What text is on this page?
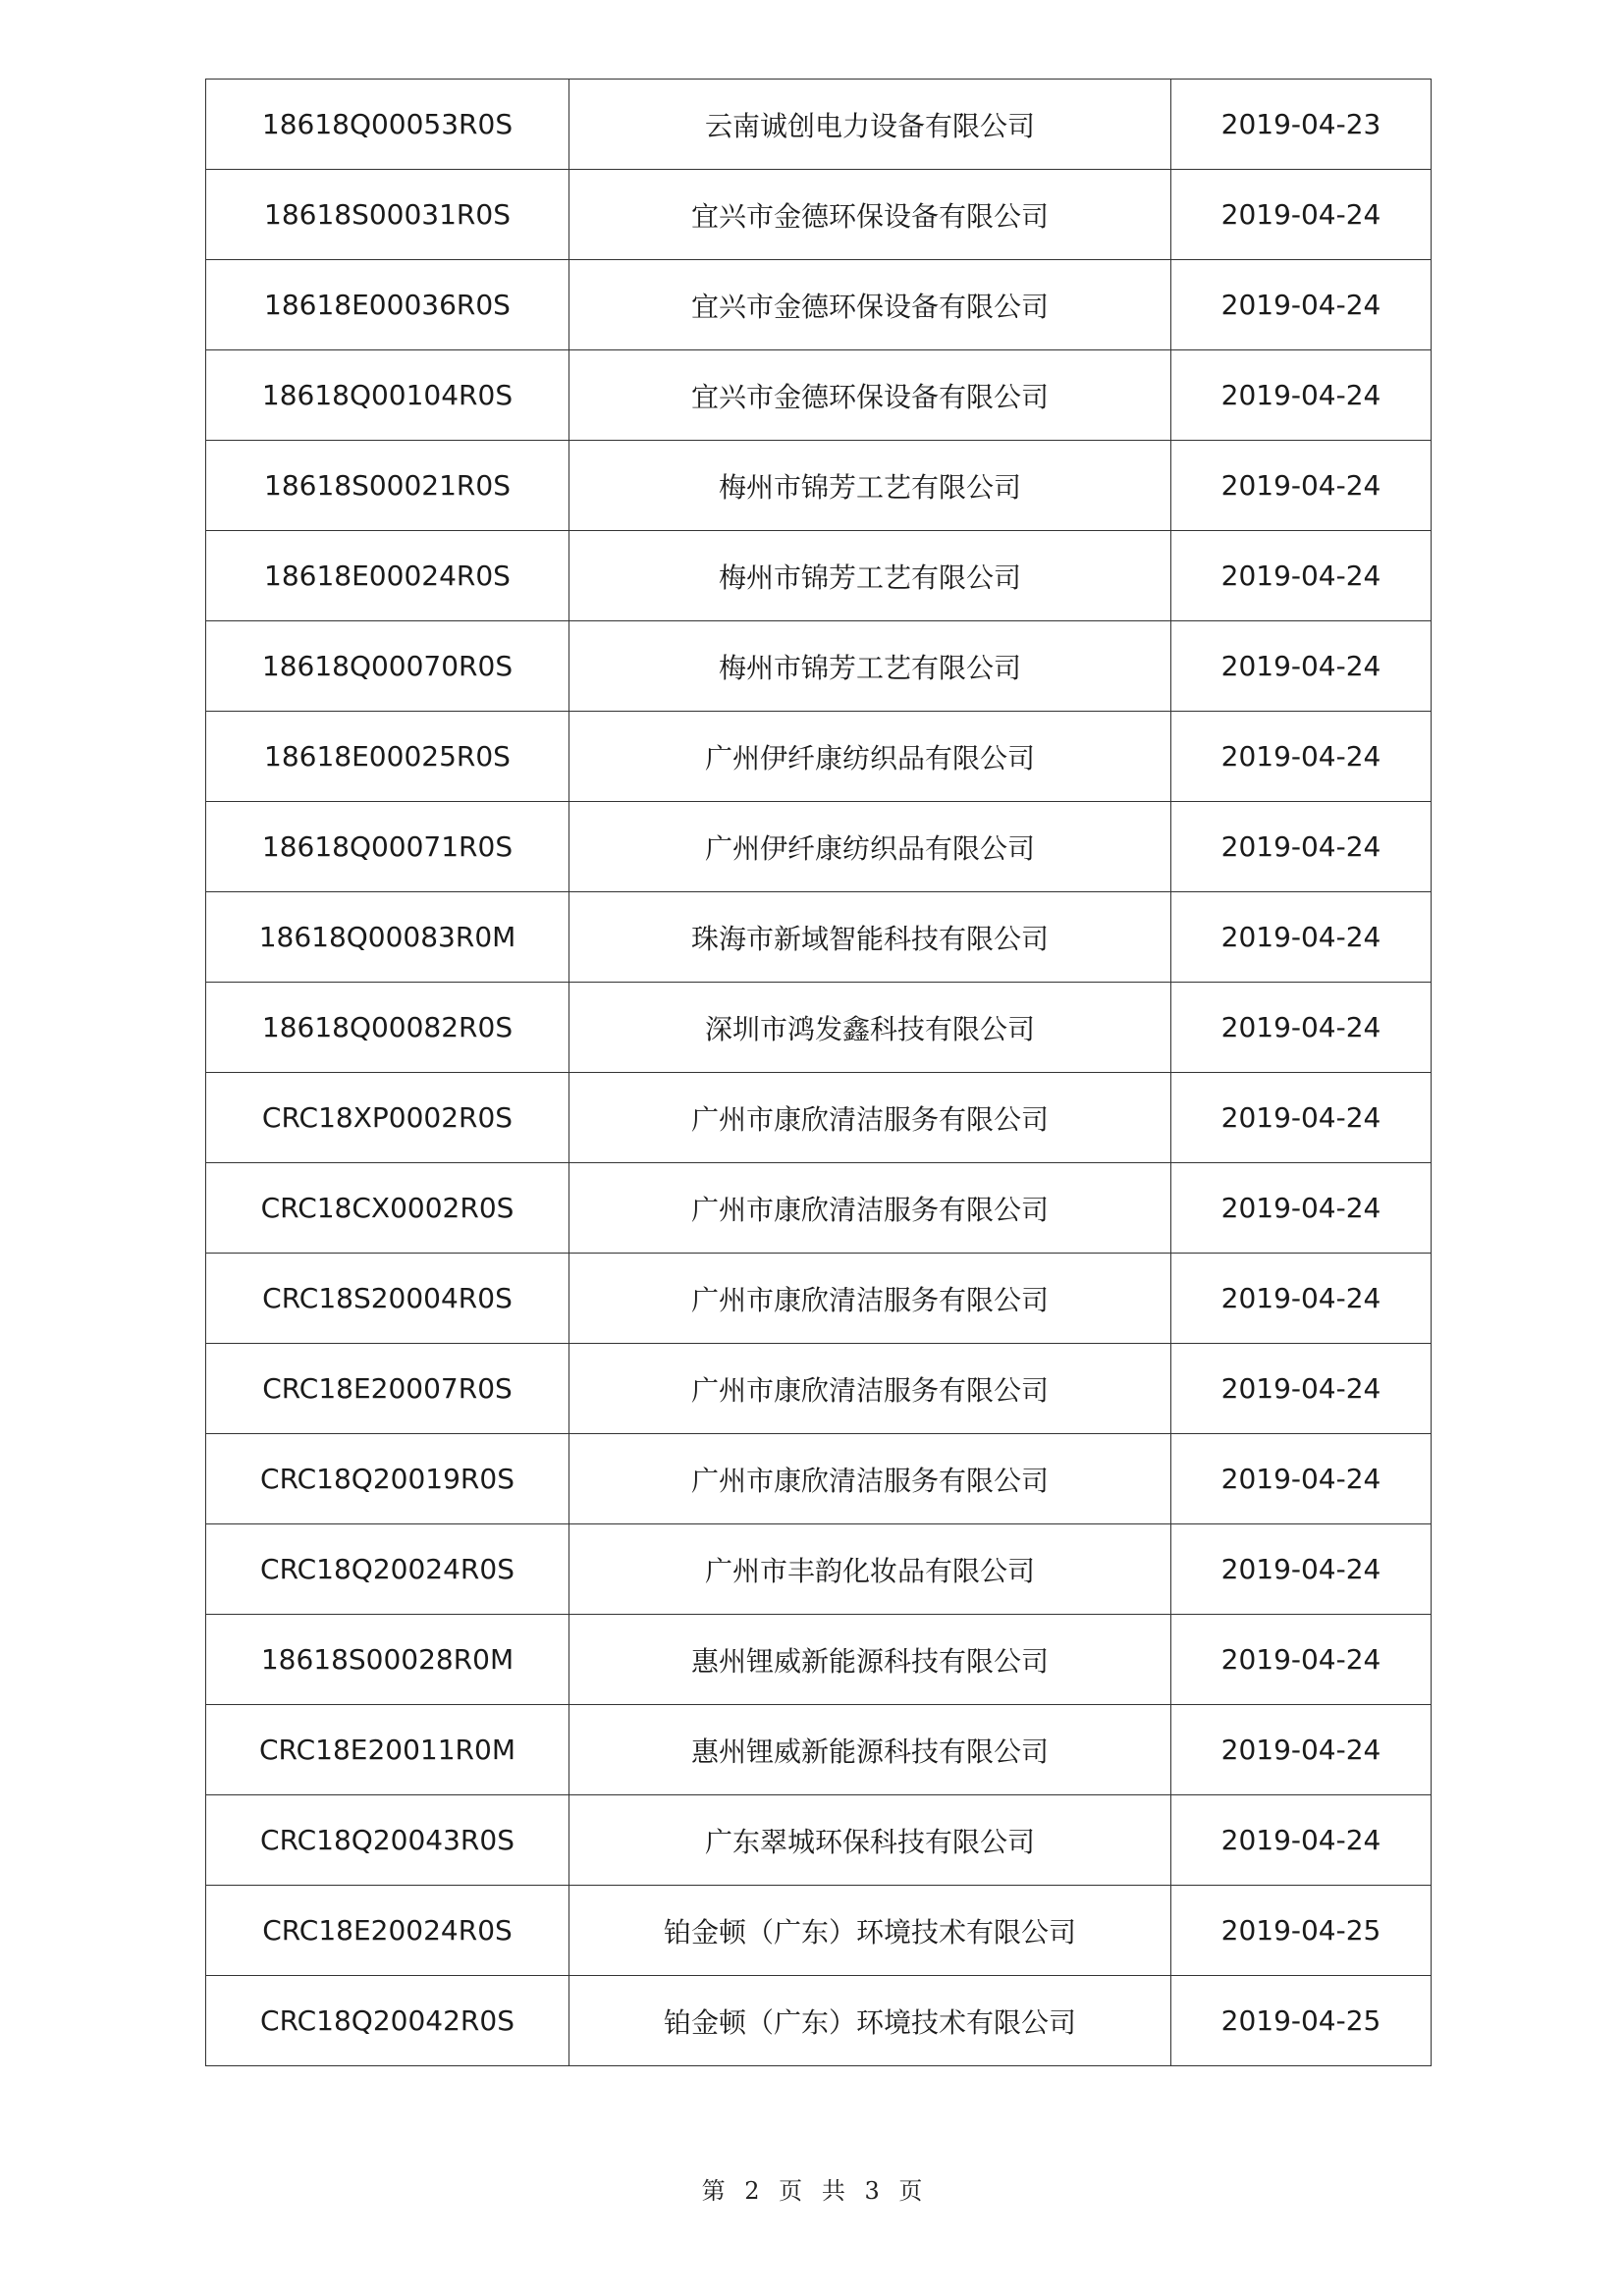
18618Q00053R0S	云南诚创电力设备有限公司	2019-04-23
18618S00031R0S	宜兴市金德环保设备有限公司	2019-04-24
18618E00036R0S	宜兴市金德环保设备有限公司	2019-04-24
18618Q00104R0S	宜兴市金德环保设备有限公司	2019-04-24
18618S00021R0S	梅州市锦芳工艺有限公司	2019-04-24
18618E00024R0S	梅州市锦芳工艺有限公司	2019-04-24
18618Q00070R0S	梅州市锦芳工艺有限公司	2019-04-24
18618E00025R0S	广州伊纤康纺织品有限公司	2019-04-24
18618Q00071R0S	广州伊纤康纺织品有限公司	2019-04-24
18618Q00083R0M	珠海市新域智能科技有限公司	2019-04-24
18618Q00082R0S	深圳市鸿发鑫科技有限公司	2019-04-24
CRC18XP0002R0S	广州市康欣清洁服务有限公司	2019-04-24
CRC18CX0002R0S	广州市康欣清洁服务有限公司	2019-04-24
CRC18S20004R0S	广州市康欣清洁服务有限公司	2019-04-24
CRC18E20007R0S	广州市康欣清洁服务有限公司	2019-04-24
CRC18Q20019R0S	广州市康欣清洁服务有限公司	2019-04-24
CRC18Q20024R0S	广州市丰韵化妆品有限公司	2019-04-24
18618S00028R0M	惠州锂威新能源科技有限公司	2019-04-24
CRC18E20011R0M	惠州锂威新能源科技有限公司	2019-04-24
CRC18Q20043R0S	广东翠城环保科技有限公司	2019-04-24
CRC18E20024R0S	铂金顿（广东）环境技术有限公司	2019-04-25
CRC18Q20042R0S	铂金顿（广东）环境技术有限公司	2019-04-25
第 2 页 共 3 页
